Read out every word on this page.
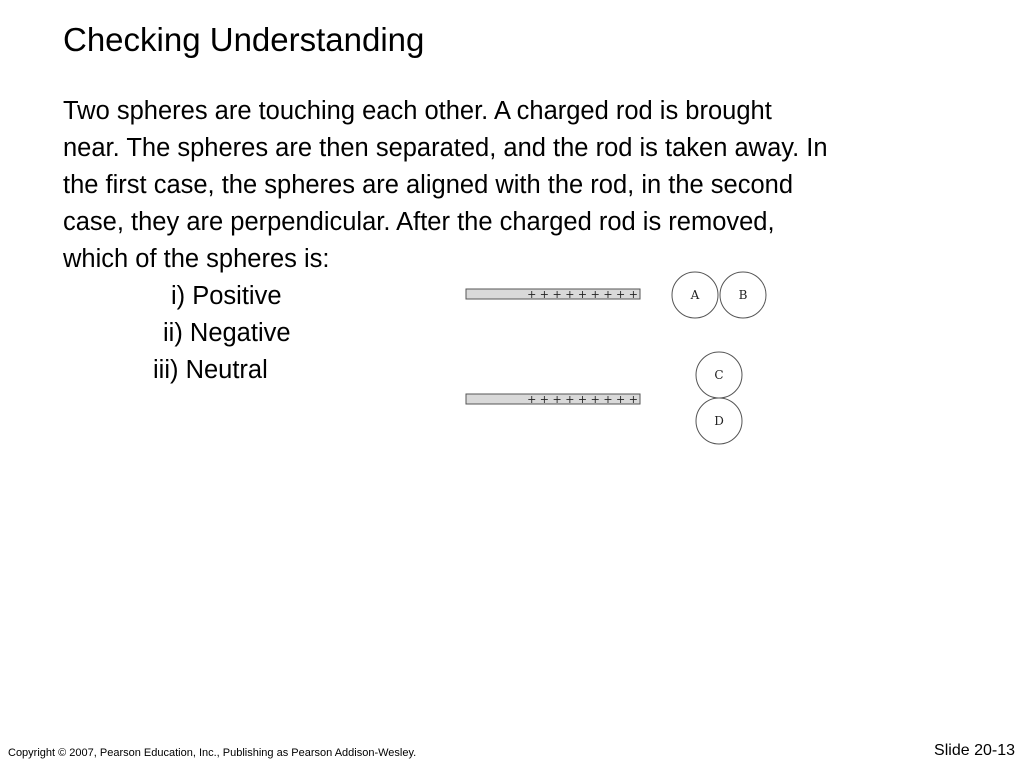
Checking Understanding
Two spheres are touching each other. A charged rod is brought
near. The spheres are then separated, and the rod is taken away. In
the first case, the spheres are aligned with the rod, in the second
case, they are perpendicular. After the charged rod is removed,
which of the spheres is:
i) Positive
ii) Negative
iii) Neutral
+ + + + + + + + +	A	B
+ + + + + + + + +
C
D
Copyright © 2007, Pearson Education, Inc., Publishing as Pearson Addison-Wesley.	Slide 20-13
